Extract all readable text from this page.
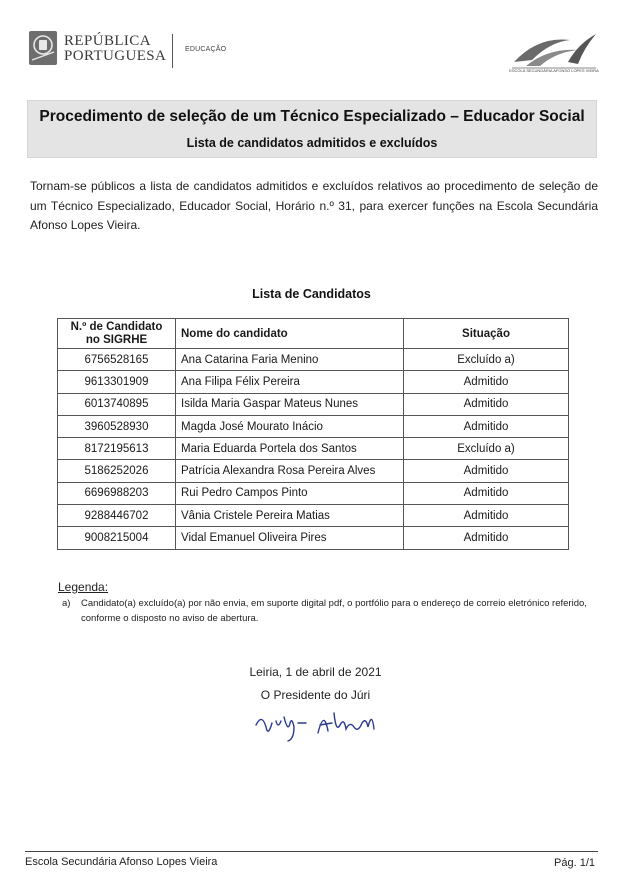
REPÚBLICA
PORTUGUESA	EDUCAÇÃO
ESCOLA SECUNDÁRIA AFONSO LOPES VIEIRA
Procedimento de seleção de um Técnico Especializado – Educador Social
Lista de candidatos admitidos e excluídos

Tornam-se públicos a lista de candidatos admitidos e excluídos relativos ao procedimento de seleção de um Técnico Especializado, Educador Social, Horário n.º 31, para exercer funções na Escola Secundária Afonso Lopes Vieira.

Lista de Candidatos
N.º de Candidato
no SIGRHE	Nome do candidato	Situação
6756528165	Ana Catarina Faria Menino	Excluído a)
9613301909	Ana Filipa Félix Pereira	Admitido
6013740895	Isilda Maria Gaspar Mateus Nunes	Admitido
3960528930	Magda José Mourato Inácio	Admitido
8172195613	Maria Eduarda Portela dos Santos	Excluído a)
5186252026	Patrícia Alexandra Rosa Pereira Alves	Admitido
6696988203	Rui Pedro Campos Pinto	Admitido
9288446702	Vânia Cristele Pereira Matias	Admitido
9008215004	Vidal Emanuel Oliveira Pires	Admitido
Legenda:
a)	Candidato(a) excluído(a) por não envia, em suporte digital pdf, o portfólio para o endereço de correio eletrónico referido, conforme o disposto no aviso de abertura.
Leiria, 1 de abril de 2021
O Presidente do Júri
Escola Secundária Afonso Lopes Vieira	Pág. 1/1
